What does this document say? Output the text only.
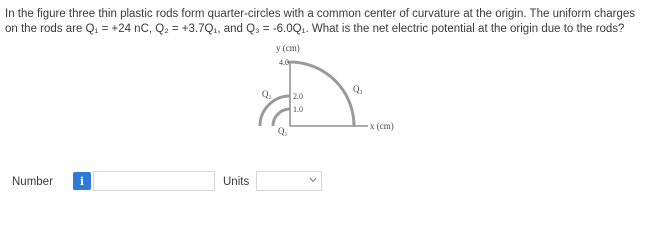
In the figure three thin plastic rods form quarter-circles with a common center of curvature at the origin. The uniform charges on the rods are Q₁ = +24 nC, Q₂ = +3.7Q₁, and Q₃ = -6.0Q₁. What is the net electric potential at the origin due to the rods?
y (cm)
4.0
2.0
1.0
Q₂	Q₃
Q₁	x (cm)
Number	i	Units
